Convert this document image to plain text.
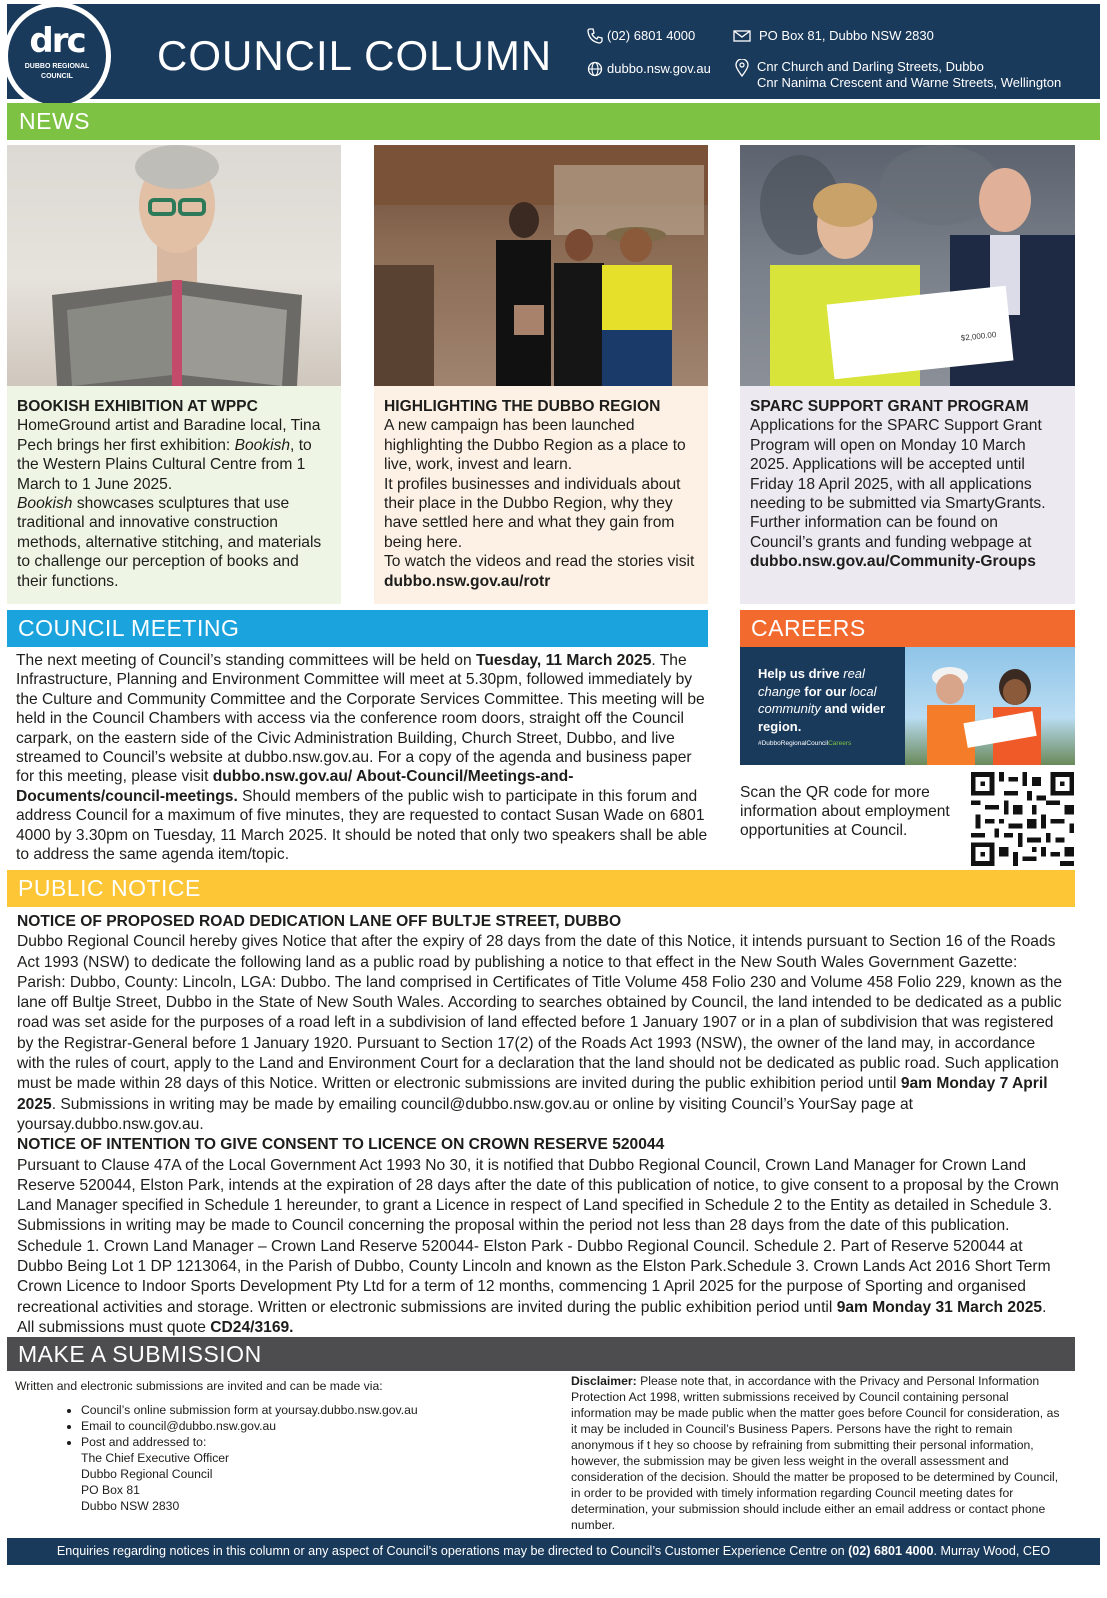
drc
DUBBO REGIONAL
COUNCIL	COUNCIL COLUMN	(02) 6801 4000
dubbo.nsw.gov.au
PO Box 81, Dubbo NSW 2830
Cnr Church and Darling Streets, Dubbo
Cnr Nanima Crescent and Warne Streets, Wellington
NEWS
$2,000.00
BOOKISH EXHIBITION AT WPPC
HomeGround artist and Baradine local, Tina Pech brings her first exhibition: Bookish, to the Western Plains Cultural Centre from 1 March to 1 June 2025.
Bookish showcases sculptures that use traditional and innovative construction methods, alternative stitching, and materials to challenge our perception of books and their functions.
HIGHLIGHTING THE DUBBO REGION
A new campaign has been launched highlighting the Dubbo Region as a place to live, work, invest and learn.
It profiles businesses and individuals about their place in the Dubbo Region, why they have settled here and what they gain from being here.
To watch the videos and read the stories visit dubbo.nsw.gov.au/rotr
SPARC SUPPORT GRANT PROGRAM
Applications for the SPARC Support Grant Program will open on Monday 10 March 2025. Applications will be accepted until Friday 18 April 2025, with all applications needing to be submitted via SmartyGrants. Further information can be found on Council’s grants and funding webpage at dubbo.nsw.gov.au/Community-Groups
COUNCIL MEETING
The next meeting of Council’s standing committees will be held on Tuesday, 11 March 2025. The Infrastructure, Planning and Environment Committee will meet at 5.30pm, followed immediately by the Culture and Community Committee and the Corporate Services Committee. This meeting will be held in the Council Chambers with access via the conference room doors, straight off the Council carpark, on the eastern side of the Civic Administration Building, Church Street, Dubbo, and live streamed to Council’s website at dubbo.nsw.gov.au. For a copy of the agenda and business paper for this meeting, please visit dubbo.nsw.gov.au/ About-Council/Meetings-and-Documents/council-meetings. Should members of the public wish to participate in this forum and address Council for a maximum of five minutes, they are requested to contact Susan Wade on 6801 4000 by 3.30pm on Tuesday, 11 March 2025. It should be noted that only two speakers shall be able to address the same agenda item/topic.
CAREERS
Help us drive real change for our local community and wider region.
#DubboRegionalCouncilCareers
Scan the QR code for more information about employment opportunities at Council.
PUBLIC NOTICE
NOTICE OF PROPOSED ROAD DEDICATION LANE OFF BULTJE STREET, DUBBO
Dubbo Regional Council hereby gives Notice that after the expiry of 28 days from the date of this Notice, it intends pursuant to Section 16 of the Roads Act 1993 (NSW) to dedicate the following land as a public road by publishing a notice to that effect in the New South Wales Government Gazette: Parish: Dubbo, County: Lincoln, LGA: Dubbo. The land comprised in Certificates of Title Volume 458 Folio 230 and Volume 458 Folio 229, known as the lane off Bultje Street, Dubbo in the State of New South Wales. According to searches obtained by Council, the land intended to be dedicated as a public road was set aside for the purposes of a road left in a subdivision of land effected before 1 January 1907 or in a plan of subdivision that was registered by the Registrar-General before 1 January 1920. Pursuant to Section 17(2) of the Roads Act 1993 (NSW), the owner of the land may, in accordance with the rules of court, apply to the Land and Environment Court for a declaration that the land should not be dedicated as public road. Such application must be made within 28 days of this Notice. Written or electronic submissions are invited during the public exhibition period until 9am Monday 7 April 2025. Submissions in writing may be made by emailing council@dubbo.nsw.gov.au or online by visiting Council’s YourSay page at yoursay.dubbo.nsw.gov.au.
NOTICE OF INTENTION TO GIVE CONSENT TO LICENCE ON CROWN RESERVE 520044
Pursuant to Clause 47A of the Local Government Act 1993 No 30, it is notified that Dubbo Regional Council, Crown Land Manager for Crown Land Reserve 520044, Elston Park, intends at the expiration of 28 days after the date of this publication of notice, to give consent to a proposal by the Crown Land Manager specified in Schedule 1 hereunder, to grant a Licence in respect of Land specified in Schedule 2 to the Entity as detailed in Schedule 3. Submissions in writing may be made to Council concerning the proposal within the period not less than 28 days from the date of this publication. Schedule 1. Crown Land Manager – Crown Land Reserve 520044- Elston Park - Dubbo Regional Council. Schedule 2. Part of Reserve 520044 at Dubbo Being Lot 1 DP 1213064, in the Parish of Dubbo, County Lincoln and known as the Elston Park.Schedule 3. Crown Lands Act 2016 Short Term Crown Licence to Indoor Sports Development Pty Ltd for a term of 12 months, commencing 1 April 2025 for the purpose of Sporting and organised recreational activities and storage. Written or electronic submissions are invited during the public exhibition period until 9am Monday 31 March 2025. All submissions must quote CD24/3169.
MAKE A SUBMISSION
Written and electronic submissions are invited and can be made via:
• Council’s online submission form at yoursay.dubbo.nsw.gov.au
• Email to council@dubbo.nsw.gov.au
• Post and addressed to:
The Chief Executive Officer
Dubbo Regional Council
PO Box 81
Dubbo NSW 2830
Disclaimer: Please note that, in accordance with the Privacy and Personal Information Protection Act 1998, written submissions received by Council containing personal information may be made public when the matter goes before Council for consideration, as it may be included in Council’s Business Papers. Persons have the right to remain anonymous if t hey so choose by refraining from submitting their personal information, however, the submission may be given less weight in the overall assessment and consideration of the decision. Should the matter be proposed to be determined by Council, in order to be provided with timely information regarding Council meeting dates for determination, your submission should include either an email address or contact phone number.
Enquiries regarding notices in this column or any aspect of Council’s operations may be directed to Council’s Customer Experience Centre on (02) 6801 4000. Murray Wood, CEO
